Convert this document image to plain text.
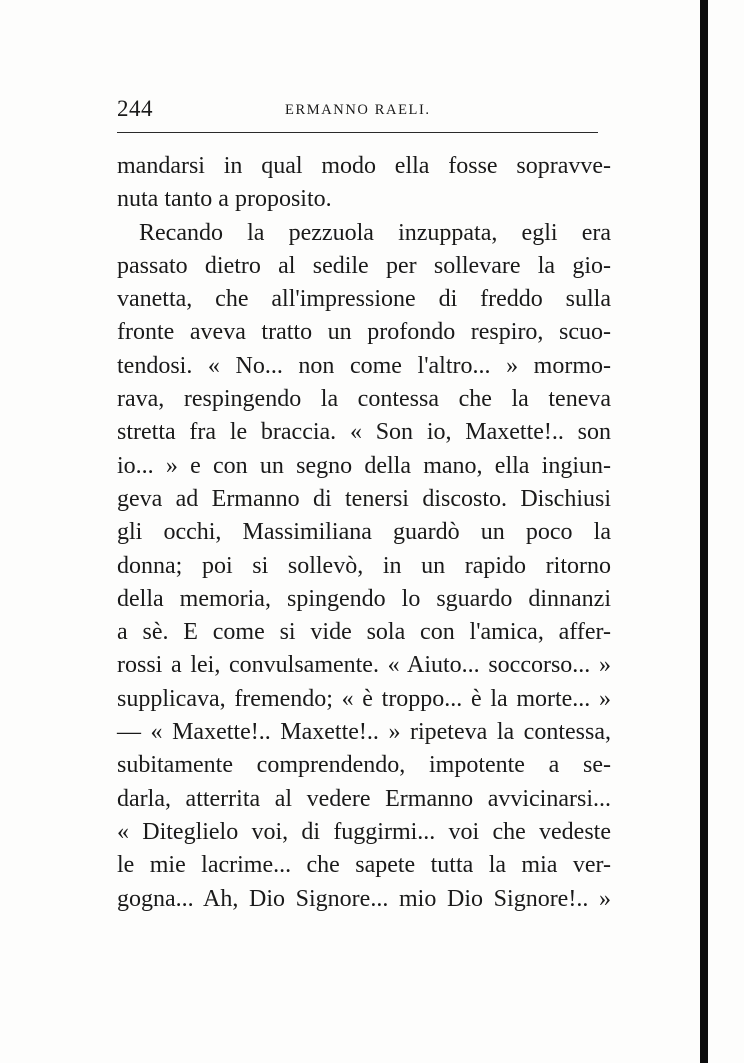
244	ERMANNO RAELI.
mandarsi in qual modo ella fosse sopravve-
nuta tanto a proposito.
Recando la pezzuola inzuppata, egli era
passato dietro al sedile per sollevare la gio-
vanetta, che all'impressione di freddo sulla
fronte aveva tratto un profondo respiro, scuo-
tendosi. « No... non come l'altro... » mormo-
rava, respingendo la contessa che la teneva
stretta fra le braccia. « Son io, Maxette!.. son
io... » e con un segno della mano, ella ingiun-
geva ad Ermanno di tenersi discosto. Dischiusi
gli occhi, Massimiliana guardò un poco la
donna; poi si sollevò, in un rapido ritorno
della memoria, spingendo lo sguardo dinnanzi
a sè. E come si vide sola con l'amica, affer-
rossi a lei, convulsamente. « Aiuto... soccorso... »
supplicava, fremendo; « è troppo... è la morte... »
— « Maxette!.. Maxette!.. » ripeteva la contessa,
subitamente comprendendo, impotente a se-
darla, atterrita al vedere Ermanno avvicinarsi...
« Diteglielo voi, di fuggirmi... voi che vedeste
le mie lacrime... che sapete tutta la mia ver-
gogna... Ah, Dio Signore... mio Dio Signore!.. »
